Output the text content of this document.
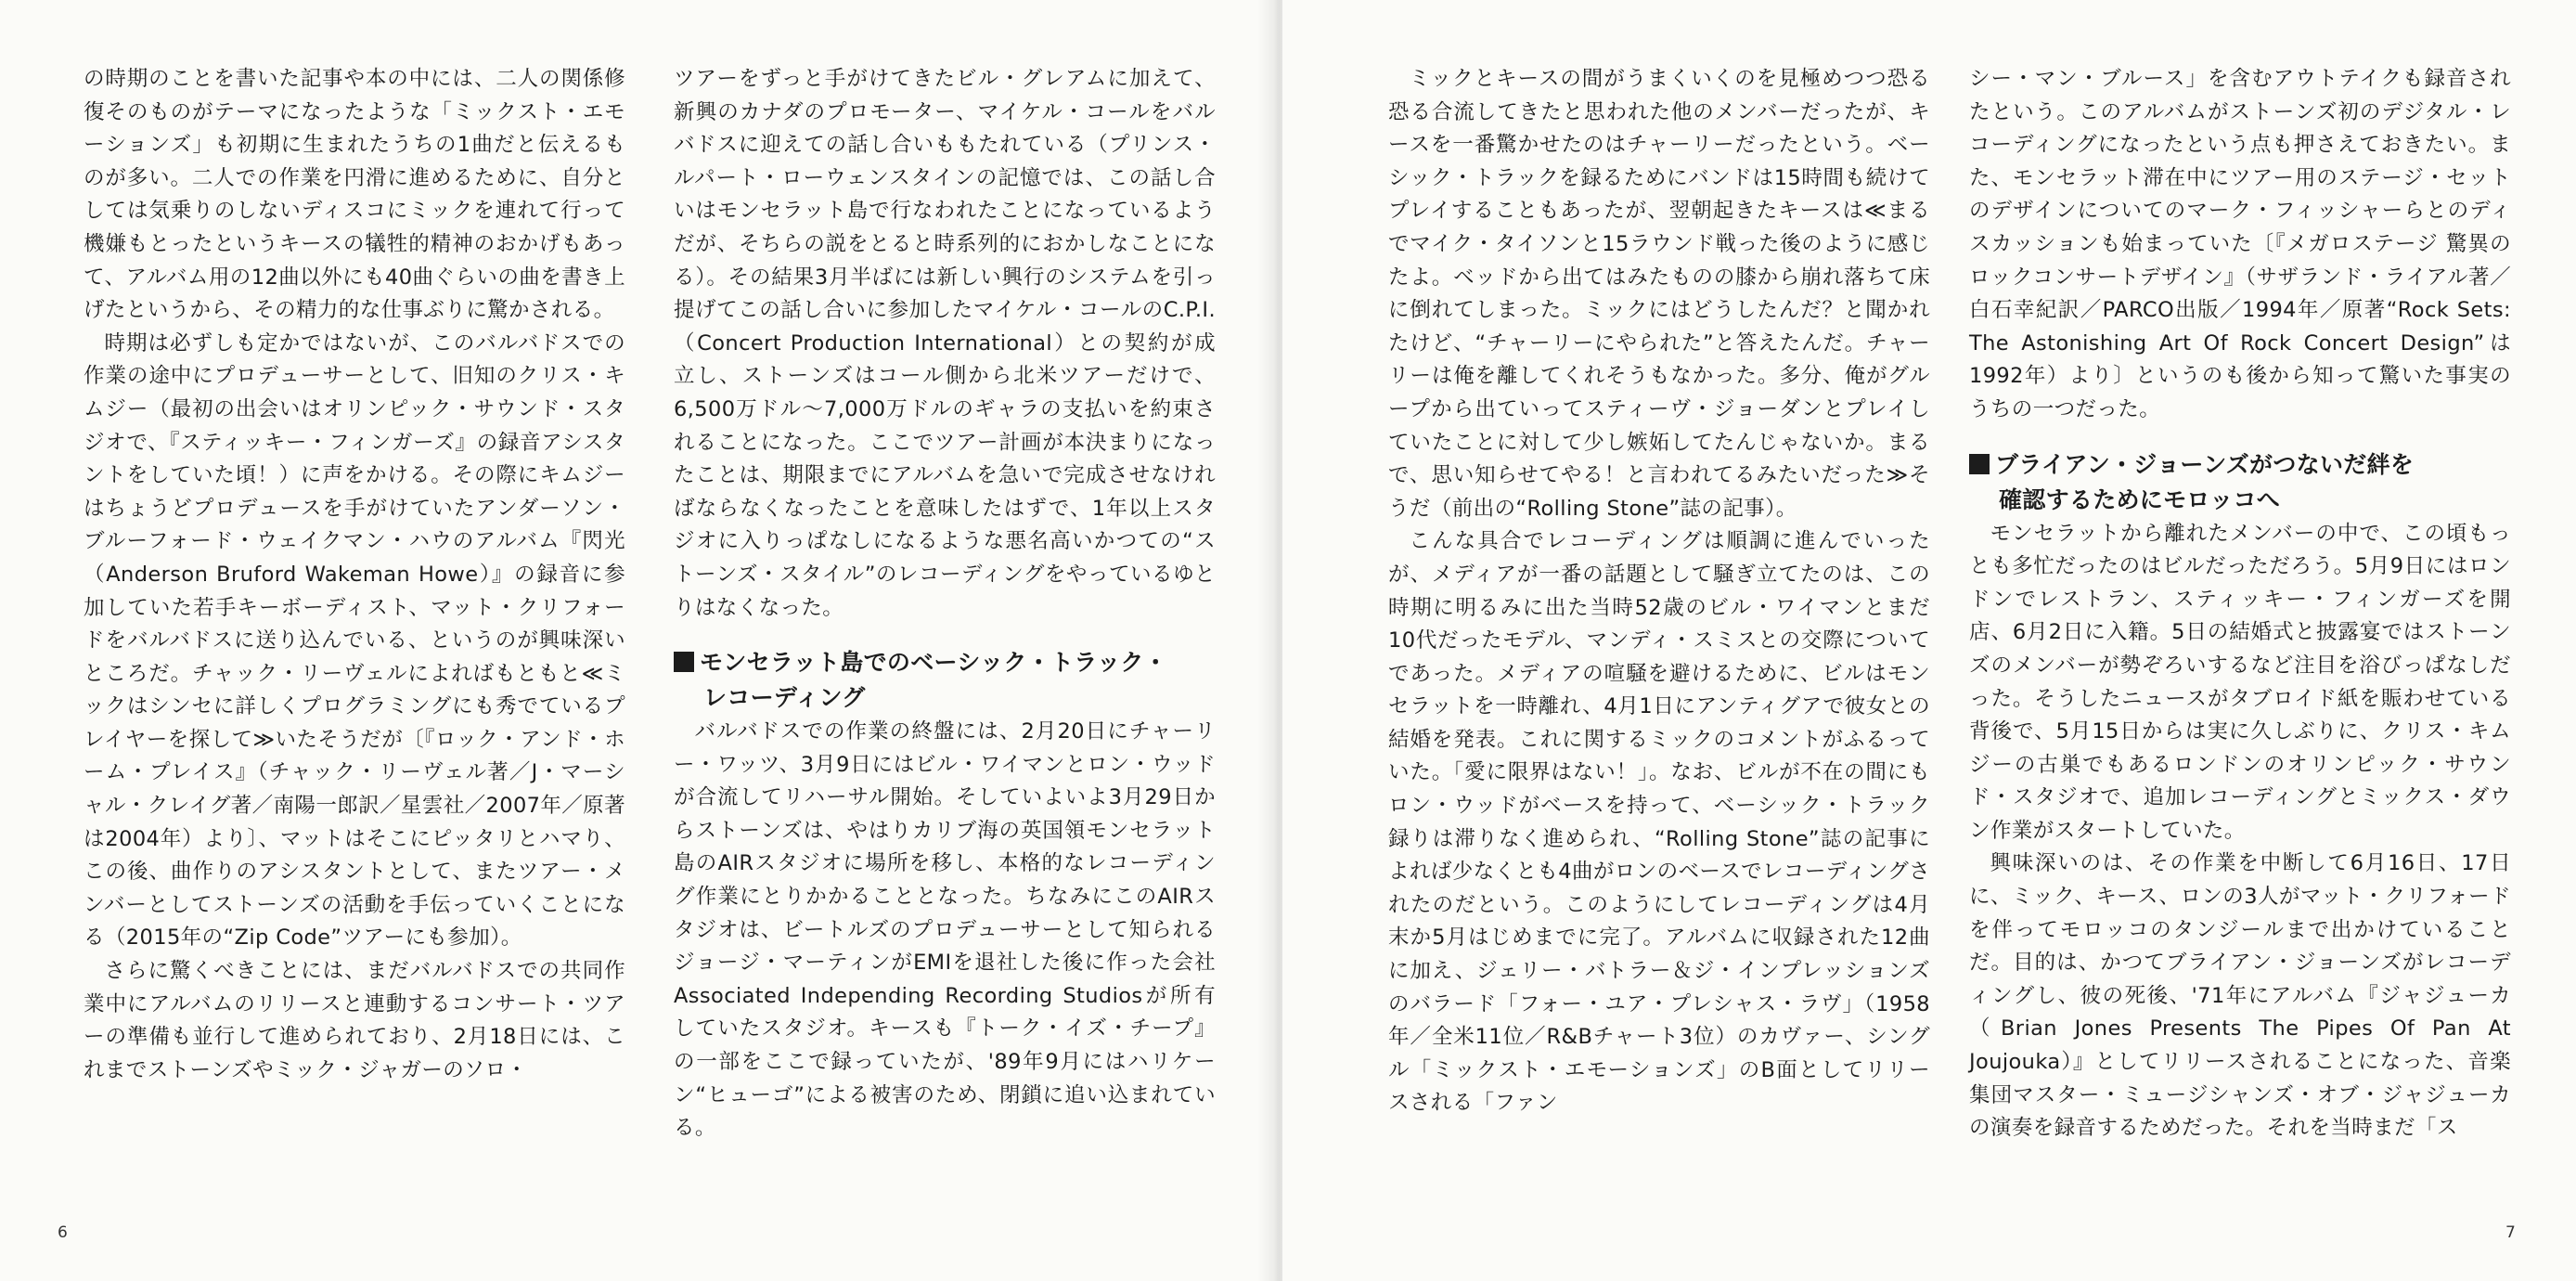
の時期のことを書いた記事や本の中には、二人の関係修復そのものがテーマになったような「ミックスト・エモーションズ」も初期に生まれたうちの1曲だと伝えるものが多い。二人での作業を円滑に進めるために、自分としては気乗りのしないディスコにミックを連れて行って機嫌もとったというキースの犠牲的精神のおかげもあって、アルバム用の12曲以外にも40曲ぐらいの曲を書き上げたというから、その精力的な仕事ぶりに驚かされる。

時期は必ずしも定かではないが、このバルバドスでの作業の途中にプロデューサーとして、旧知のクリス・キムジー（最初の出会いはオリンピック・サウンド・スタジオで、『スティッキー・フィンガーズ』の録音アシスタントをしていた頃！）に声をかける。その際にキムジーはちょうどプロデュースを手がけていたアンダーソン・ブルーフォード・ウェイクマン・ハウのアルバム『閃光（Anderson Bruford Wakeman Howe）』の録音に参加していた若手キーボーディスト、マット・クリフォードをバルバドスに送り込んでいる、というのが興味深いところだ。チャック・リーヴェルによればもともと≪ミックはシンセに詳しくプログラミングにも秀でているプレイヤーを探して≫いたそうだが〔『ロック・アンド・ホーム・プレイス』（チャック・リーヴェル著／J・マーシャル・クレイグ著／南陽一郎訳／星雲社／2007年／原著は2004年）より〕、マットはそこにピッタリとハマり、この後、曲作りのアシスタントとして、またツアー・メンバーとしてストーンズの活動を手伝っていくことになる（2015年の“Zip Code”ツアーにも参加）。

さらに驚くべきことには、まだバルバドスでの共同作業中にアルバムのリリースと連動するコンサート・ツアーの準備も並行して進められており、2月18日には、これまでストーンズやミック・ジャガーのソロ・

ツアーをずっと手がけてきたビル・グレアムに加えて、新興のカナダのプロモーター、マイケル・コールをバルバドスに迎えての話し合いももたれている（プリンス・ルパート・ローウェンスタインの記憶では、この話し合いはモンセラット島で行なわれたことになっているようだが、そちらの説をとると時系列的におかしなことになる）。その結果3月半ばには新しい興行のシステムを引っ提げてこの話し合いに参加したマイケル・コールのC.P.I.（Concert Production International）との契約が成立し、ストーンズはコール側から北米ツアーだけで、6,500万ドル〜7,000万ドルのギャラの支払いを約束されることになった。ここでツアー計画が本決まりになったことは、期限までにアルバムを急いで完成させなければならなくなったことを意味したはずで、1年以上スタジオに入りっぱなしになるような悪名高いかつての“ストーンズ・スタイル”のレコーディングをやっているゆとりはなくなった。

モンセラット島でのベーシック・トラック・
レコーディング

バルバドスでの作業の終盤には、2月20日にチャーリー・ワッツ、3月9日にはビル・ワイマンとロン・ウッドが合流してリハーサル開始。そしていよいよ3月29日からストーンズは、やはりカリブ海の英国領モンセラット島のAIRスタジオに場所を移し、本格的なレコーディング作業にとりかかることとなった。ちなみにこのAIRスタジオは、ビートルズのプロデューサーとして知られるジョージ・マーティンがEMIを退社した後に作った会社Associated Independing Recording Studiosが所有していたスタジオ。キースも『トーク・イズ・チープ』の一部をここで録っていたが、'89年9月にはハリケーン“ヒューゴ”による被害のため、閉鎖に追い込まれている。

6

ミックとキースの間がうまくいくのを見極めつつ恐る恐る合流してきたと思われた他のメンバーだったが、キースを一番驚かせたのはチャーリーだったという。ベーシック・トラックを録るためにバンドは15時間も続けてプレイすることもあったが、翌朝起きたキースは≪まるでマイク・タイソンと15ラウンド戦った後のように感じたよ。ベッドから出てはみたものの膝から崩れ落ちて床に倒れてしまった。ミックにはどうしたんだ？と聞かれたけど、“チャーリーにやられた”と答えたんだ。チャーリーは俺を離してくれそうもなかった。多分、俺がグループから出ていってスティーヴ・ジョーダンとプレイしていたことに対して少し嫉妬してたんじゃないか。まるで、思い知らせてやる！と言われてるみたいだった≫そうだ（前出の“Rolling Stone”誌の記事）。

こんな具合でレコーディングは順調に進んでいったが、メディアが一番の話題として騒ぎ立てたのは、この時期に明るみに出た当時52歳のビル・ワイマンとまだ10代だったモデル、マンディ・スミスとの交際についてであった。メディアの喧騒を避けるために、ビルはモンセラットを一時離れ、4月1日にアンティグアで彼女との結婚を発表。これに関するミックのコメントがふるっていた。「愛に限界はない！」。なお、ビルが不在の間にもロン・ウッドがベースを持って、ベーシック・トラック録りは滞りなく進められ、“Rolling Stone”誌の記事によれば少なくとも4曲がロンのベースでレコーディングされたのだという。このようにしてレコーディングは4月末か5月はじめまでに完了。アルバムに収録された12曲に加え、ジェリー・バトラー＆ジ・インプレッションズのバラード「フォー・ユア・プレシャス・ラヴ」（1958年／全米11位／R&Bチャート3位）のカヴァー、シングル「ミックスト・エモーションズ」のB面としてリリースされる「ファン

シー・マン・ブルース」を含むアウトテイクも録音されたという。このアルバムがストーンズ初のデジタル・レコーディングになったという点も押さえておきたい。また、モンセラット滞在中にツアー用のステージ・セットのデザインについてのマーク・フィッシャーらとのディスカッションも始まっていた〔『メガロステージ 驚異のロックコンサートデザイン』（サザランド・ライアル著／白石幸紀訳／PARCO出版／1994年／原著“Rock Sets: The Astonishing Art Of Rock Concert Design”は1992年）より〕というのも後から知って驚いた事実のうちの一つだった。

ブライアン・ジョーンズがつないだ絆を
確認するためにモロッコへ

モンセラットから離れたメンバーの中で、この頃もっとも多忙だったのはビルだっただろう。5月9日にはロンドンでレストラン、スティッキー・フィンガーズを開店、6月2日に入籍。5日の結婚式と披露宴ではストーンズのメンバーが勢ぞろいするなど注目を浴びっぱなしだった。そうしたニュースがタブロイド紙を賑わせている背後で、5月15日からは実に久しぶりに、クリス・キムジーの古巣でもあるロンドンのオリンピック・サウンド・スタジオで、追加レコーディングとミックス・ダウン作業がスタートしていた。

興味深いのは、その作業を中断して6月16日、17日に、ミック、キース、ロンの3人がマット・クリフォードを伴ってモロッコのタンジールまで出かけていることだ。目的は、かつてブライアン・ジョーンズがレコーディングし、彼の死後、'71年にアルバム『ジャジューカ（Brian Jones Presents The Pipes Of Pan At Joujouka）』としてリリースされることになった、音楽集団マスター・ミュージシャンズ・オブ・ジャジューカの演奏を録音するためだった。それを当時まだ「ス

7
